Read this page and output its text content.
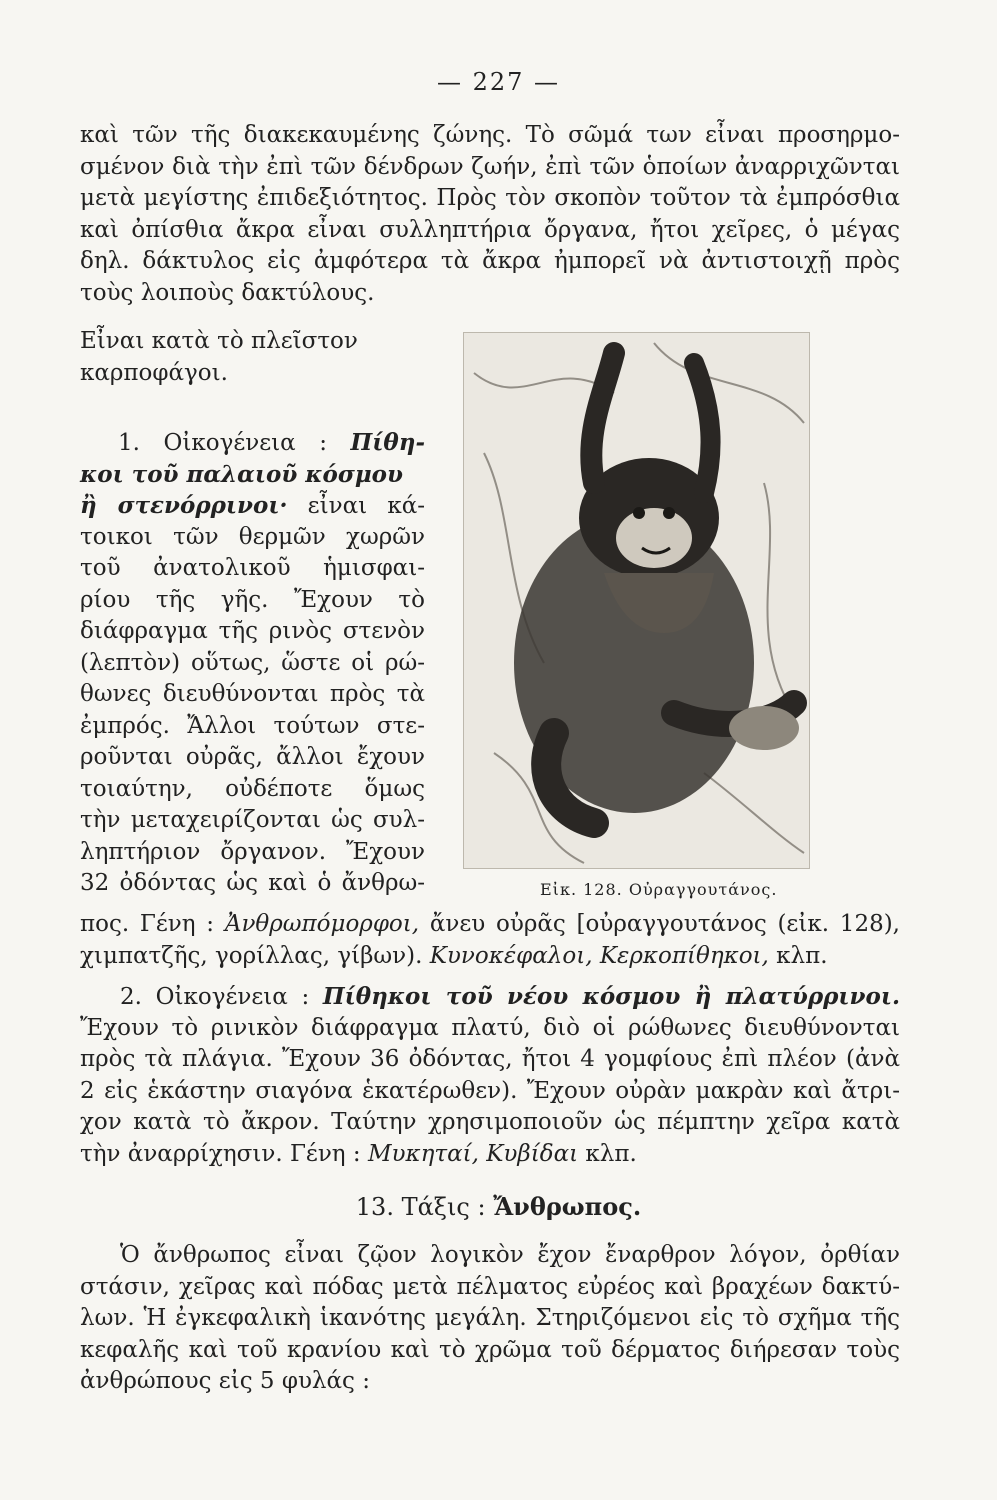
— 227 —
καὶ τῶν τῆς διακεκαυμένης ζώνης. Τὸ σῶμά των εἶναι προσηρμο-
σμένον διὰ τὴν ἐπὶ τῶν δένδρων ζωήν, ἐπὶ τῶν ὁποίων ἀναρριχῶνται
μετὰ μεγίστης ἐπιδεξιότητος. Πρὸς τὸν σκοπὸν τοῦτον τὰ ἐμπρόσθια
καὶ ὀπίσθια ἄκρα εἶναι συλληπτήρια ὄργανα, ἤτοι χεῖρες, ὁ μέγας
δηλ. δάκτυλος εἰς ἀμφότερα τὰ ἄκρα ἠμπορεῖ νὰ ἀντιστοιχῇ πρὸς
τοὺς λοιποὺς δακτύλους.
Εἶναι κατὰ τὸ πλεῖστον
καρποφάγοι.
1. Οἰκογένεια : Πίθη-
κοι τοῦ παλαιοῦ κόσμου
ἢ στενόρρινοι· εἶναι κά-
τοικοι τῶν θερμῶν χωρῶν
τοῦ ἀνατολικοῦ ἡμισφαι-
ρίου τῆς γῆς. Ἔχουν τὸ
διάφραγμα τῆς ρινὸς στενὸν
(λεπτὸν) οὕτως, ὥστε οἱ ρώ-
θωνες διευθύνονται πρὸς τὰ
ἐμπρός. Ἄλλοι τούτων στε-
ροῦνται οὐρᾶς, ἄλλοι ἔχουν
τοιαύτην, οὐδέποτε ὅμως
τὴν μεταχειρίζονται ὡς συλ-
ληπτήριον ὄργανον. Ἔχουν
32 ὀδόντας ὡς καὶ ὁ ἄνθρω-	Εἰκ. 128. Οὐραγγουτάνος.
πος. Γένη : Ἀνθρωπόμορφοι, ἄνευ οὐρᾶς [οὐραγγουτάνος (εἰκ. 128),
χιμπατζῆς, γορίλλας, γίβων). Κυνοκέφαλοι, Κερκοπίθηκοι, κλπ.
2. Οἰκογένεια : Πίθηκοι τοῦ νέου κόσμου ἢ πλατύρρινοι.
Ἔχουν τὸ ρινικὸν διάφραγμα πλατύ, διὸ οἱ ρώθωνες διευθύνονται
πρὸς τὰ πλάγια. Ἔχουν 36 ὀδόντας, ἤτοι 4 γομφίους ἐπὶ πλέον (ἀνὰ
2 εἰς ἑκάστην σιαγόνα ἑκατέρωθεν). Ἔχουν οὐρὰν μακρὰν καὶ ἄτρι-
χον κατὰ τὸ ἄκρον. Ταύτην χρησιμοποιοῦν ὡς πέμπτην χεῖρα κατὰ
τὴν ἀναρρίχησιν. Γένη : Μυκηταί, Κυβίδαι κλπ.
13. Τάξις : Ἄνθρωπος.
Ὁ ἄνθρωπος εἶναι ζῷον λογικὸν ἔχον ἔναρθρον λόγον, ὀρθίαν
στάσιν, χεῖρας καὶ πόδας μετὰ πέλματος εὐρέος καὶ βραχέων δακτύ-
λων. Ἡ ἐγκεφαλικὴ ἱκανότης μεγάλη. Στηριζόμενοι εἰς τὸ σχῆμα τῆς
κεφαλῆς καὶ τοῦ κρανίου καὶ τὸ χρῶμα τοῦ δέρματος διήρεσαν τοὺς
ἀνθρώπους εἰς 5 φυλάς :
